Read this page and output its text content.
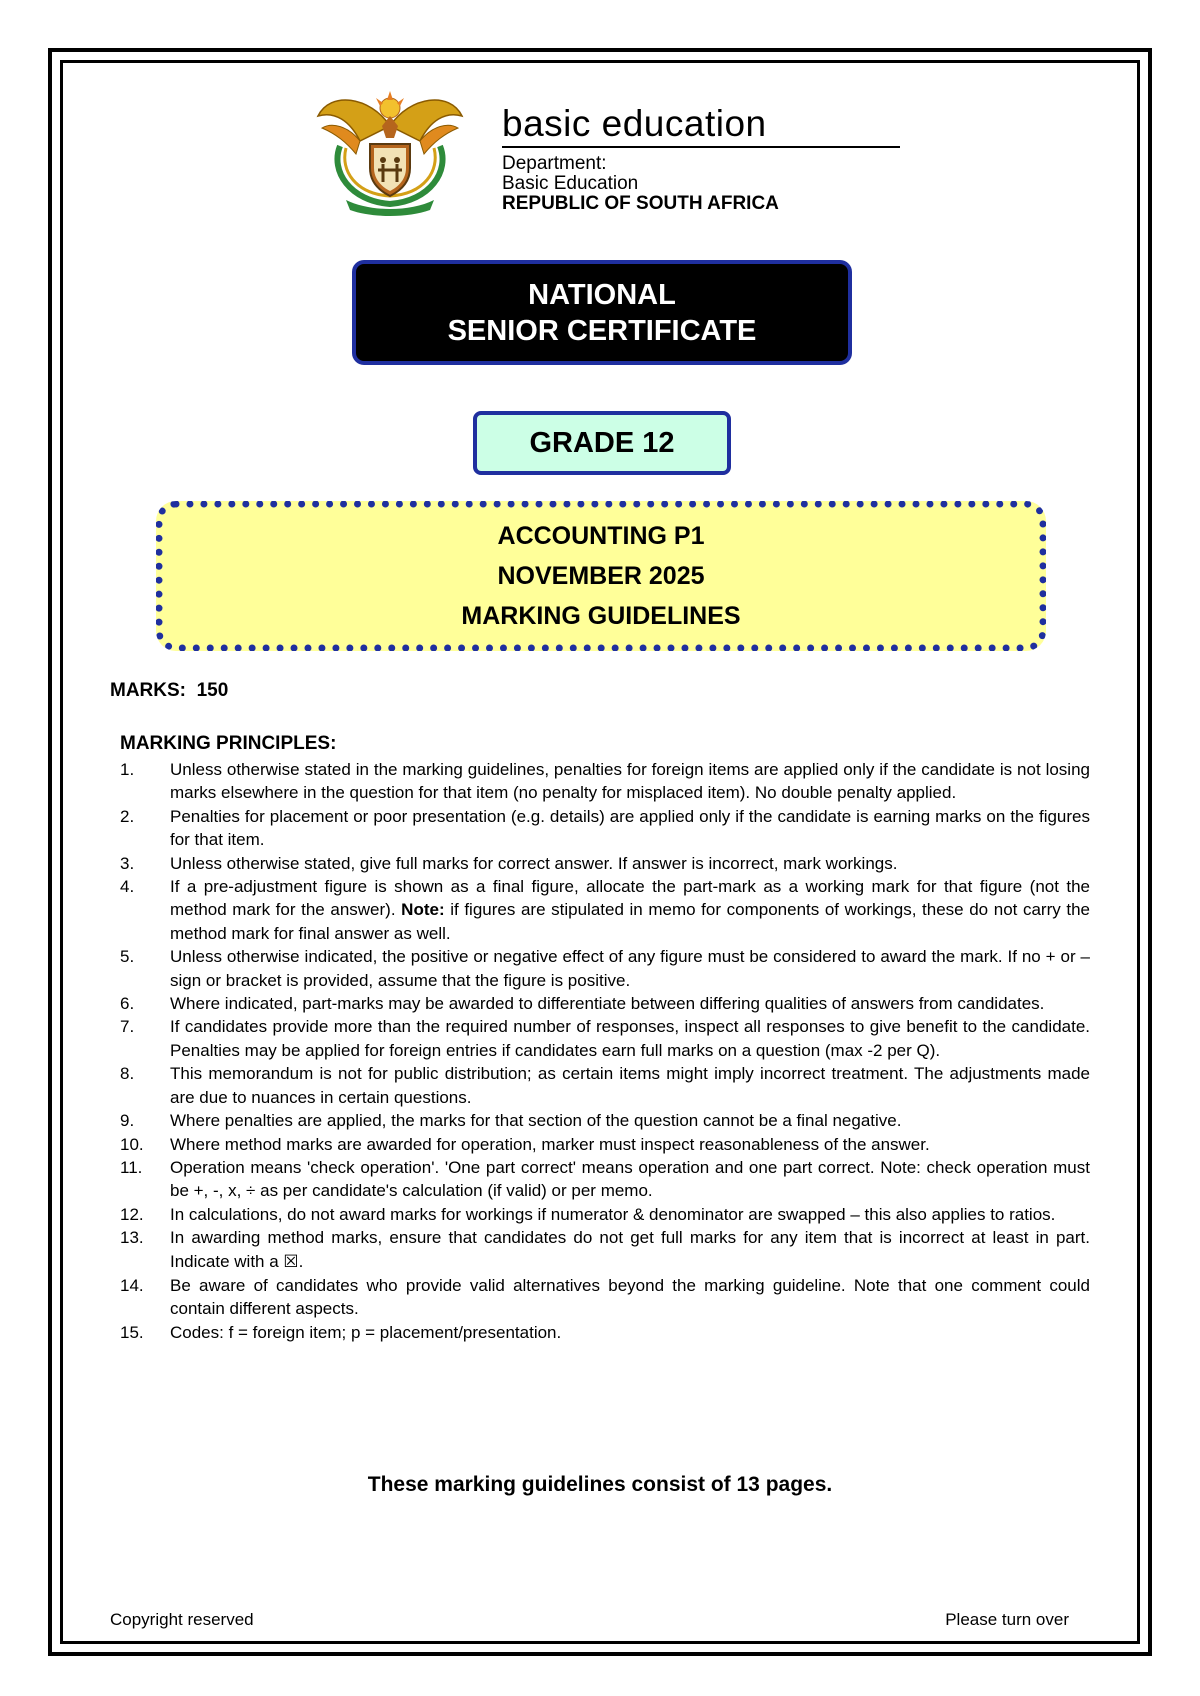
basic education
Department:
Basic Education
REPUBLIC OF SOUTH AFRICA
NATIONAL
SENIOR CERTIFICATE
GRADE 12
ACCOUNTING P1
NOVEMBER 2025
MARKING GUIDELINES
MARKS: 150
MARKING PRINCIPLES:
1. Unless otherwise stated in the marking guidelines, penalties for foreign items are applied only if the candidate is not losing marks elsewhere in the question for that item (no penalty for misplaced item). No double penalty applied.
2. Penalties for placement or poor presentation (e.g. details) are applied only if the candidate is earning marks on the figures for that item.
3. Unless otherwise stated, give full marks for correct answer. If answer is incorrect, mark workings.
4. If a pre-adjustment figure is shown as a final figure, allocate the part-mark as a working mark for that figure (not the method mark for the answer). Note: if figures are stipulated in memo for components of workings, these do not carry the method mark for final answer as well.
5. Unless otherwise indicated, the positive or negative effect of any figure must be considered to award the mark. If no + or – sign or bracket is provided, assume that the figure is positive.
6. Where indicated, part-marks may be awarded to differentiate between differing qualities of answers from candidates.
7. If candidates provide more than the required number of responses, inspect all responses to give benefit to the candidate. Penalties may be applied for foreign entries if candidates earn full marks on a question (max -2 per Q).
8. This memorandum is not for public distribution; as certain items might imply incorrect treatment. The adjustments made are due to nuances in certain questions.
9. Where penalties are applied, the marks for that section of the question cannot be a final negative.
10. Where method marks are awarded for operation, marker must inspect reasonableness of the answer.
11. Operation means 'check operation'. 'One part correct' means operation and one part correct. Note: check operation must be +, -, x, ÷ as per candidate's calculation (if valid) or per memo.
12. In calculations, do not award marks for workings if numerator & denominator are swapped – this also applies to ratios.
13. In awarding method marks, ensure that candidates do not get full marks for any item that is incorrect at least in part. Indicate with a ☒.
14. Be aware of candidates who provide valid alternatives beyond the marking guideline. Note that one comment could contain different aspects.
15. Codes: f = foreign item; p = placement/presentation.
These marking guidelines consist of 13 pages.
Copyright reserved	Please turn over
